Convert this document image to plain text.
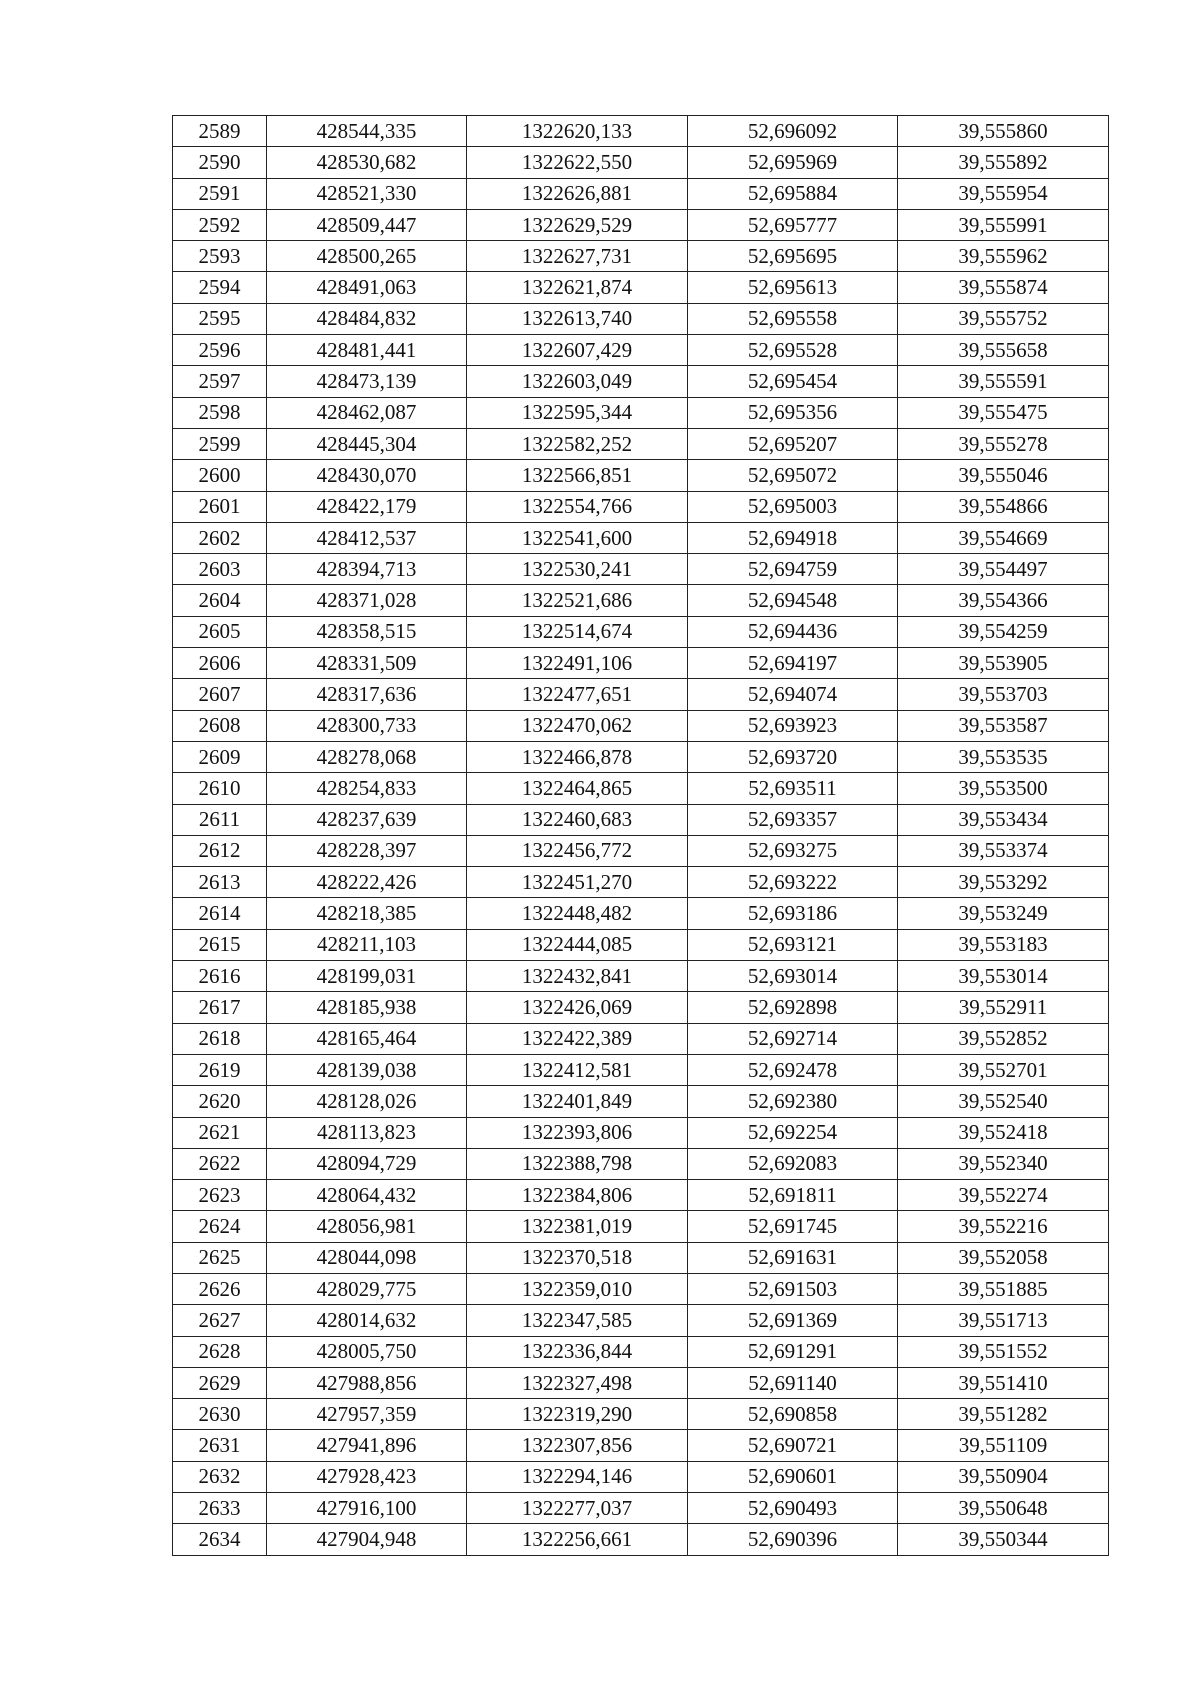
2589	428544,335	1322620,133	52,696092	39,555860
2590	428530,682	1322622,550	52,695969	39,555892
2591	428521,330	1322626,881	52,695884	39,555954
2592	428509,447	1322629,529	52,695777	39,555991
2593	428500,265	1322627,731	52,695695	39,555962
2594	428491,063	1322621,874	52,695613	39,555874
2595	428484,832	1322613,740	52,695558	39,555752
2596	428481,441	1322607,429	52,695528	39,555658
2597	428473,139	1322603,049	52,695454	39,555591
2598	428462,087	1322595,344	52,695356	39,555475
2599	428445,304	1322582,252	52,695207	39,555278
2600	428430,070	1322566,851	52,695072	39,555046
2601	428422,179	1322554,766	52,695003	39,554866
2602	428412,537	1322541,600	52,694918	39,554669
2603	428394,713	1322530,241	52,694759	39,554497
2604	428371,028	1322521,686	52,694548	39,554366
2605	428358,515	1322514,674	52,694436	39,554259
2606	428331,509	1322491,106	52,694197	39,553905
2607	428317,636	1322477,651	52,694074	39,553703
2608	428300,733	1322470,062	52,693923	39,553587
2609	428278,068	1322466,878	52,693720	39,553535
2610	428254,833	1322464,865	52,693511	39,553500
2611	428237,639	1322460,683	52,693357	39,553434
2612	428228,397	1322456,772	52,693275	39,553374
2613	428222,426	1322451,270	52,693222	39,553292
2614	428218,385	1322448,482	52,693186	39,553249
2615	428211,103	1322444,085	52,693121	39,553183
2616	428199,031	1322432,841	52,693014	39,553014
2617	428185,938	1322426,069	52,692898	39,552911
2618	428165,464	1322422,389	52,692714	39,552852
2619	428139,038	1322412,581	52,692478	39,552701
2620	428128,026	1322401,849	52,692380	39,552540
2621	428113,823	1322393,806	52,692254	39,552418
2622	428094,729	1322388,798	52,692083	39,552340
2623	428064,432	1322384,806	52,691811	39,552274
2624	428056,981	1322381,019	52,691745	39,552216
2625	428044,098	1322370,518	52,691631	39,552058
2626	428029,775	1322359,010	52,691503	39,551885
2627	428014,632	1322347,585	52,691369	39,551713
2628	428005,750	1322336,844	52,691291	39,551552
2629	427988,856	1322327,498	52,691140	39,551410
2630	427957,359	1322319,290	52,690858	39,551282
2631	427941,896	1322307,856	52,690721	39,551109
2632	427928,423	1322294,146	52,690601	39,550904
2633	427916,100	1322277,037	52,690493	39,550648
2634	427904,948	1322256,661	52,690396	39,550344
